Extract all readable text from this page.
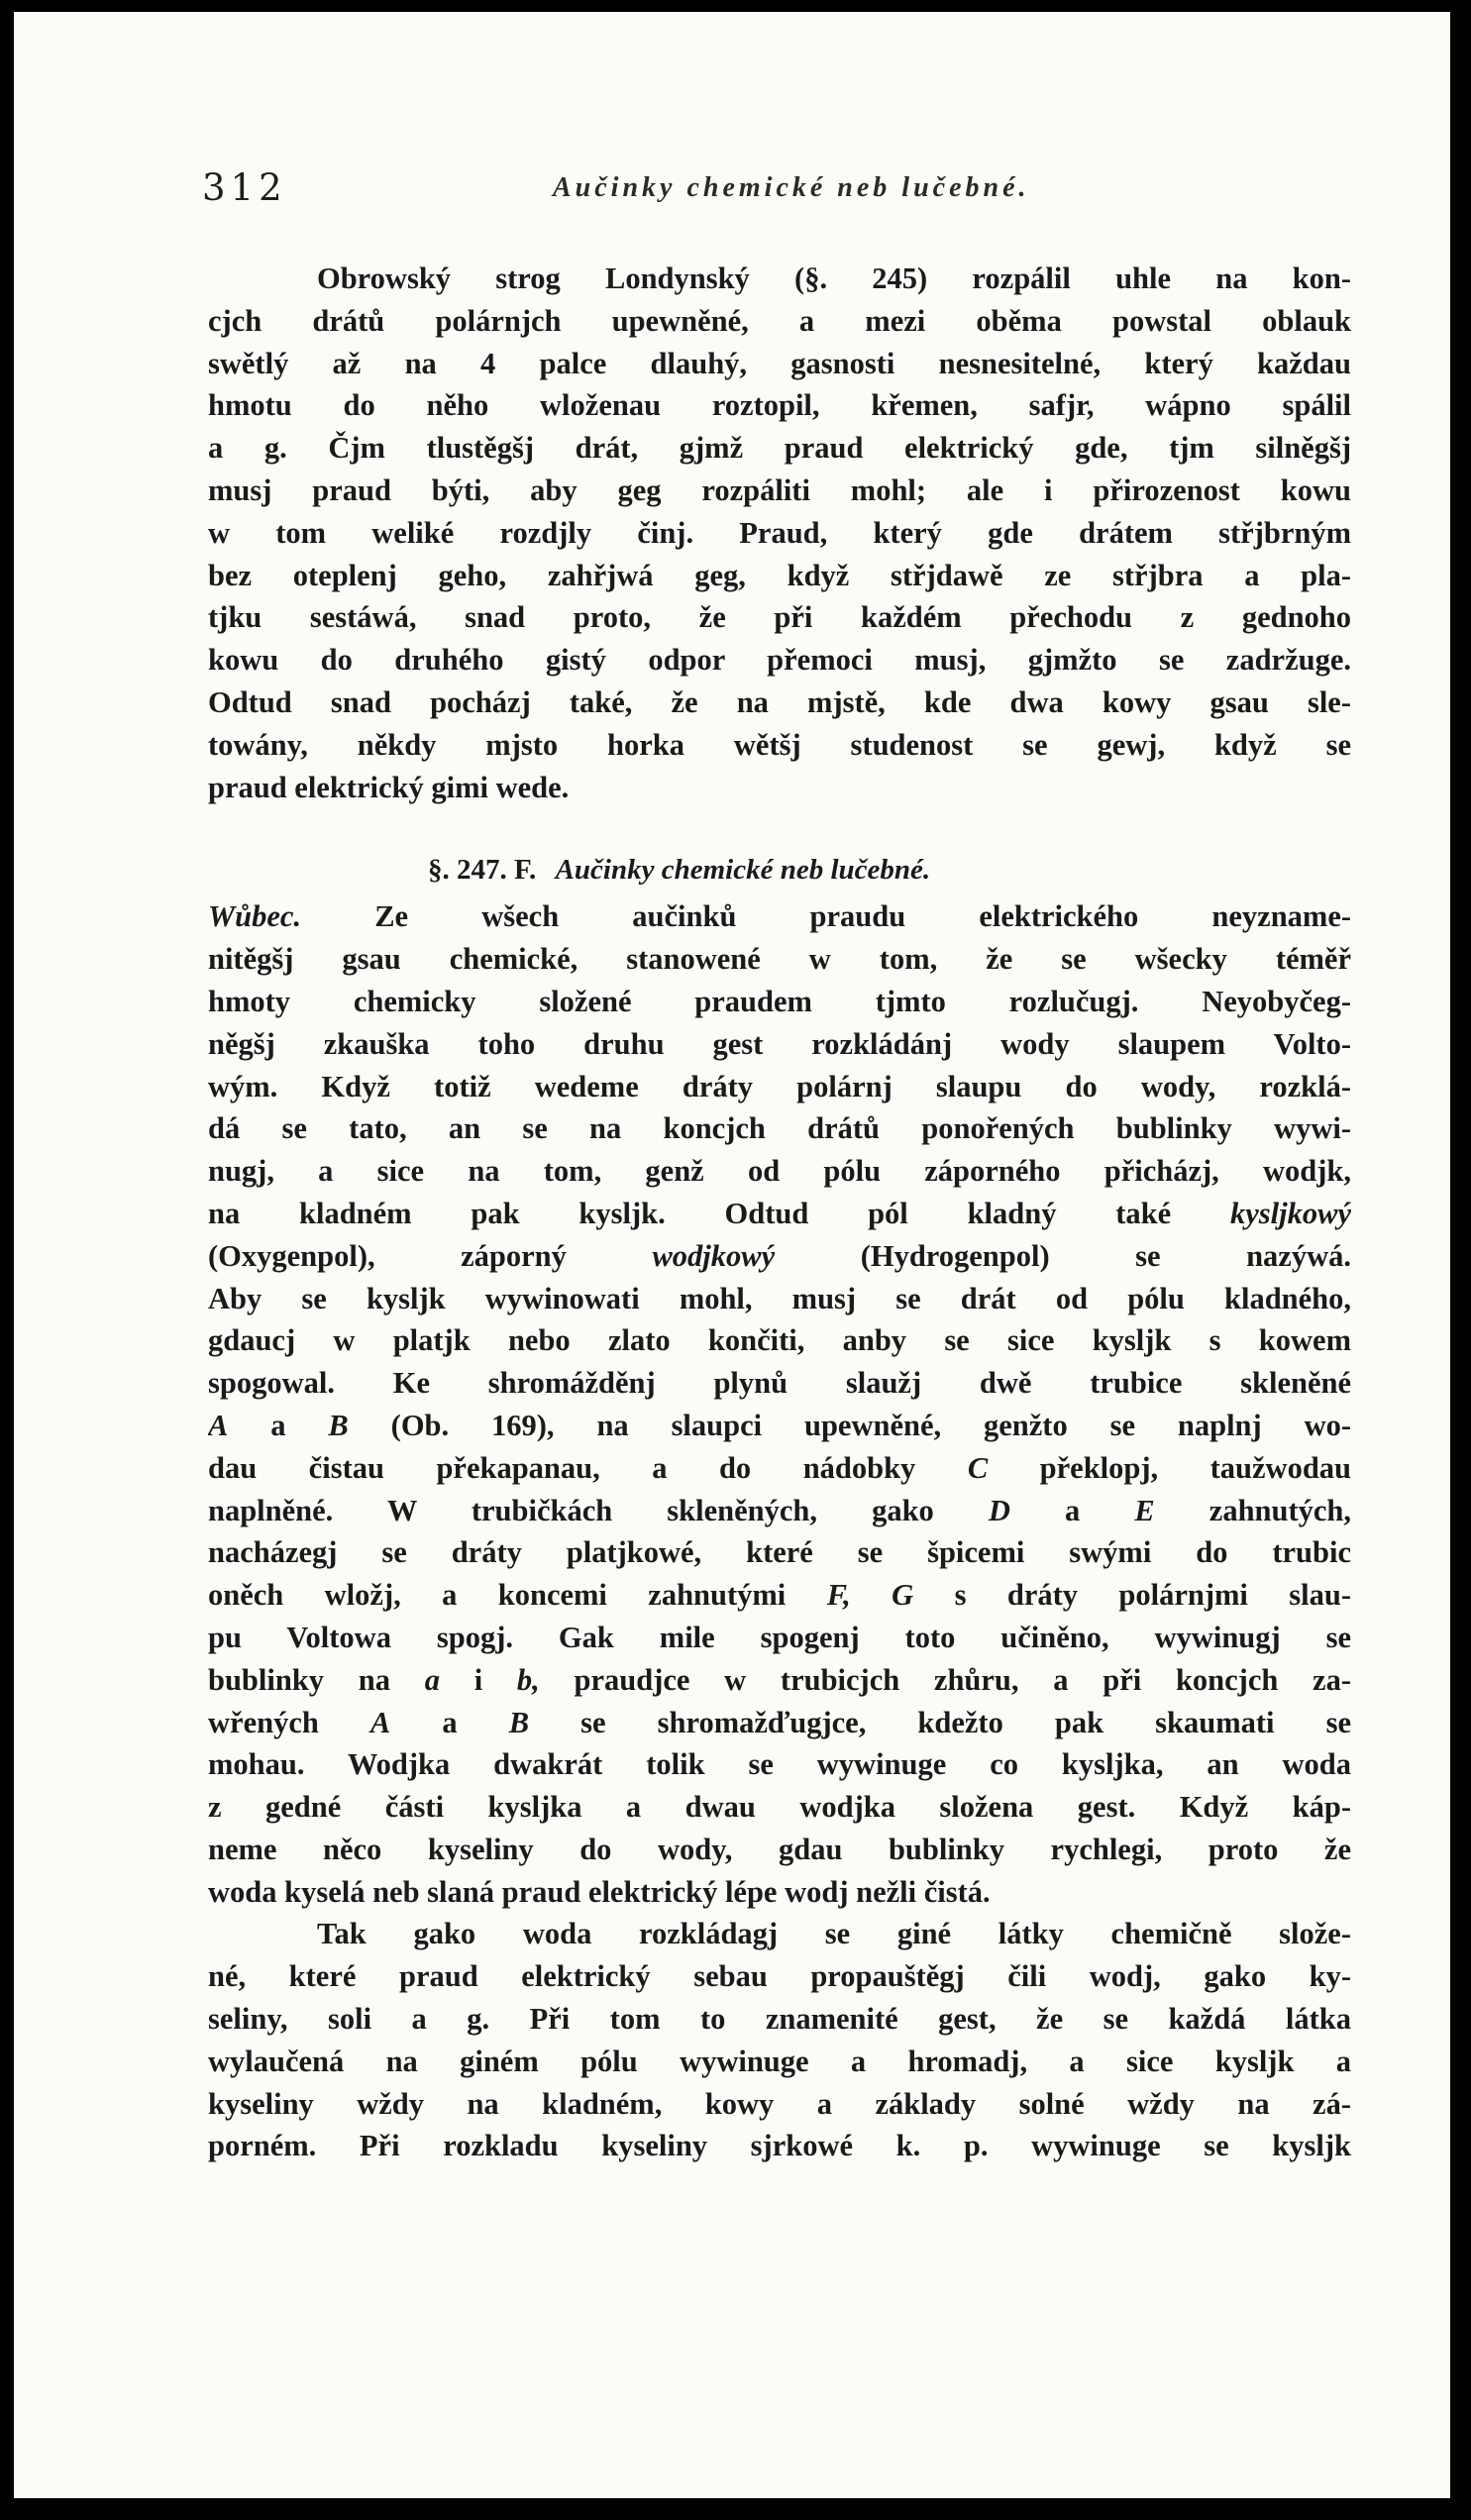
312	Aučinky chemické neb lučebné.
Obrowský strog Londynský (§. 245) rozpálil uhle na kon-
cjch drátů polárnjch upewněné, a mezi oběma powstal oblauk
swětlý až na 4 palce dlauhý, gasnosti nesnesitelné, který každau
hmotu do něho wloženau roztopil, křemen, safjr, wápno spálil
a g. Čjm tlustěgšj drát, gjmž praud elektrický gde, tjm silněgšj
musj praud býti, aby geg rozpáliti mohl; ale i přirozenost kowu
w tom weliké rozdjly činj. Praud, který gde drátem střjbrným
bez oteplenj geho, zahřjwá geg, když střjdawě ze střjbra a pla-
tjku sestáwá, snad proto, že při každém přechodu z gednoho
kowu do druhého gistý odpor přemoci musj, gjmžto se zadržuge.
Odtud snad pocházj také, že na mjstě, kde dwa kowy gsau sle-
towány, někdy mjsto horka wětšj studenost se gewj, když se
praud elektrický gimi wede.
§. 247. F. Aučinky chemické neb lučebné.
Wůbec. Ze wšech aučinků praudu elektrického neyzname-
nitěgšj gsau chemické, stanowené w tom, že se wšecky téměř
hmoty chemicky složené praudem tjmto rozlučugj. Neyobyčeg-
něgšj zkauška toho druhu gest rozkládánj wody slaupem Volto-
wým. Když totiž wedeme dráty polárnj slaupu do wody, rozklá-
dá se tato, an se na koncjch drátů ponořených bublinky wywi-
nugj, a sice na tom, genž od pólu záporného přicházj, wodjk,
na kladném pak kyslјk. Odtud pól kladný také kysljkowý
(Oxygenpol), záporný	wodjkowý	(Hydrogenpol) se nazýwá.
Aby se kysljk wywinowati mohl, musj se drát od pólu kladného,
gdaucj w platjk nebo zlato končiti, anby se sice kysljk s kowem
spogowal. Ke shromážděnj plynů slaužj dwě trubice skleněné
A a B (Ob. 169), na slaupci upewněné, genžto se naplnj wo-
dau čistau překapanau, a do nádobky C překlopj, taužwodau
naplněné. W trubičkách skleněných, gako D a E zahnutých,
nacházegj se dráty platjkowé, které se špicemi swými do trubic
oněch wložj, a koncemi zahnutými F, G s dráty polárnjmi slau-
pu Voltowa spogj. Gak mile spogenj toto učiněno, wywinugj se
bublinky na a i b, praudjce w trubicjch zhůru, a při koncjch za-
wřených A a B se shromažďugjce, kdežto pak skaumati se
mohau. Wodjka dwakrát tolik se wywinuge co kysljka, an woda
z gedné části kysljka a dwau wodjka složena gest. Když káp-
neme něco kyseliny do wody, gdau bublinky rychlegi, proto že
woda kyselá neb slaná praud elektrický lépe wodj nežli čistá.
Tak gako woda rozkládagj se giné látky chemičně slože-
né, které praud elektrický sebau propauštěgj čili wodj, gako ky-
seliny, soli a g. Při tom to znamenité gest, že se každá látka
wylaučená na giném pólu wywinuge a hromadj, a sice kysljk a
kyseliny wždy na kladném, kowy a základy solné wždy na zá-
porném. Při rozkladu kyseliny sjrkowé k. p. wywinuge se kysljk
